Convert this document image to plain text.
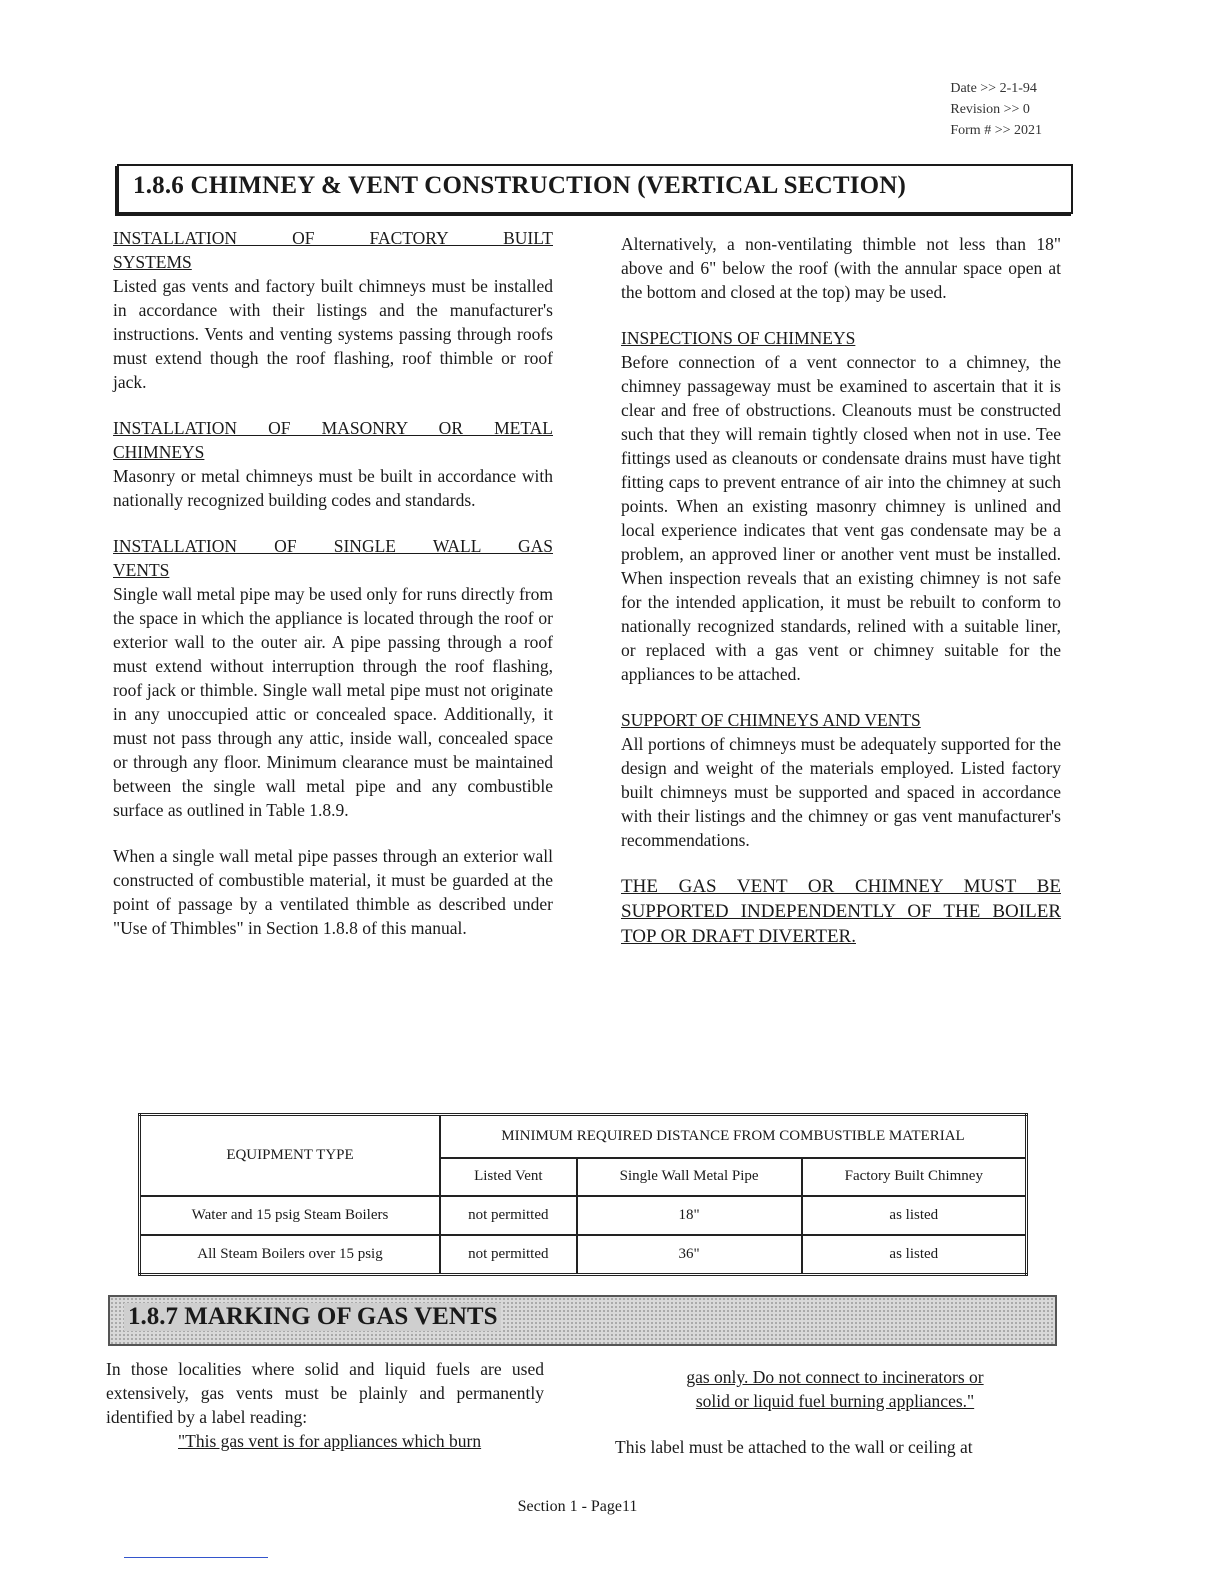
Date >> 2-1-94
Revision >> 0
Form # >> 2021
1.8.6 CHIMNEY & VENT CONSTRUCTION (VERTICAL SECTION)
INSTALLATION OF FACTORY BUILT
SYSTEMS

Listed gas vents and factory built chimneys must be installed in accordance with their listings and the manufacturer's instructions. Vents and venting systems passing through roofs must extend though the roof flashing, roof thimble or roof jack.

INSTALLATION OF MASONRY OR METAL
CHIMNEYS

Masonry or metal chimneys must be built in accordance with nationally recognized building codes and standards.

INSTALLATION OF SINGLE WALL GAS
VENTS

Single wall metal pipe may be used only for runs directly from the space in which the appliance is located through the roof or exterior wall to the outer air. A pipe passing through a roof must extend without interruption through the roof flashing, roof jack or thimble. Single wall metal pipe must not originate in any unoccupied attic or concealed space. Additionally, it must not pass through any attic, inside wall, concealed space or through any floor. Minimum clearance must be maintained between the single wall metal pipe and any combustible surface as outlined in Table 1.8.9.

When a single wall metal pipe passes through an exterior wall constructed of combustible material, it must be guarded at the point of passage by a ventilated thimble as described under "Use of Thimbles" in Section 1.8.8 of this manual.

Alternatively, a non-ventilating thimble not less than 18" above and 6" below the roof (with the annular space open at the bottom and closed at the top) may be used.

INSPECTIONS OF CHIMNEYS

Before connection of a vent connector to a chimney, the chimney passageway must be examined to ascertain that it is clear and free of obstructions. Cleanouts must be constructed such that they will remain tightly closed when not in use. Tee fittings used as cleanouts or condensate drains must have tight fitting caps to prevent entrance of air into the chimney at such points. When an existing masonry chimney is unlined and local experience indicates that vent gas condensate may be a problem, an approved liner or another vent must be installed. When inspection reveals that an existing chimney is not safe for the intended application, it must be rebuilt to conform to nationally recognized standards, relined with a suitable liner, or replaced with a gas vent or chimney suitable for the appliances to be attached.

SUPPORT OF CHIMNEYS AND VENTS

All portions of chimneys must be adequately supported for the design and weight of the materials employed. Listed factory built chimneys must be supported and spaced in accordance with their listings and the chimney or gas vent manufacturer's recommendations.

THE GAS VENT OR CHIMNEY MUST BE SUPPORTED INDEPENDENTLY OF THE BOILER TOP OR DRAFT DIVERTER.

EQUIPMENT TYPE	MINIMUM REQUIRED DISTANCE FROM COMBUSTIBLE MATERIAL		
	Listed Vent	Single Wall Metal Pipe	Factory Built Chimney
Water and 15 psig Steam Boilers	not permitted	18"	as listed
All Steam Boilers over 15 psig	not permitted	36"	as listed
1.8.7 MARKING OF GAS VENTS

In those localities where solid and liquid fuels are used extensively, gas vents must be plainly and permanently identified by a label reading:

"This gas vent is for appliances which burn
gas only. Do not connect to incinerators or
solid or liquid fuel burning appliances."
This label must be attached to the wall or ceiling at
Section 1 - Page11
